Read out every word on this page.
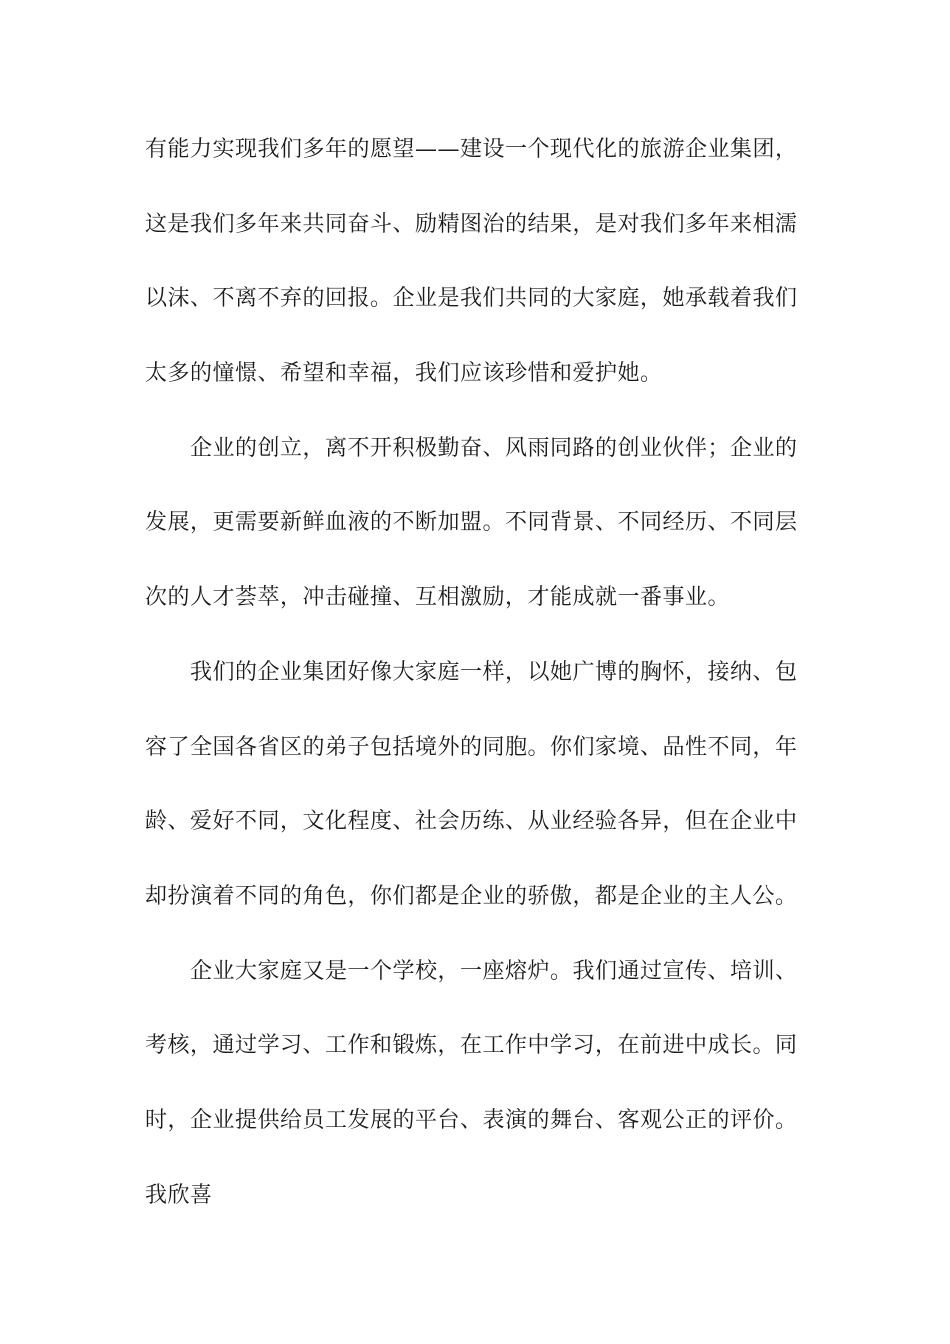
有能力实现我们多年的愿望——建设一个现代化的旅游企业集团，
这是我们多年来共同奋斗、励精图治的结果，是对我们多年来相濡
以沫、不离不弃的回报。企业是我们共同的大家庭，她承载着我们
太多的憧憬、希望和幸福，我们应该珍惜和爱护她。
企业的创立，离不开积极勤奋、风雨同路的创业伙伴；企业的
发展，更需要新鲜血液的不断加盟。不同背景、不同经历、不同层
次的人才荟萃，冲击碰撞、互相激励，才能成就一番事业。
我们的企业集团好像大家庭一样，以她广博的胸怀，接纳、包
容了全国各省区的弟子包括境外的同胞。你们家境、品性不同，年
龄、爱好不同，文化程度、社会历练、从业经验各异，但在企业中
却扮演着不同的角色，你们都是企业的骄傲，都是企业的主人公。
企业大家庭又是一个学校，一座熔炉。我们通过宣传、培训、
考核，通过学习、工作和锻炼，在工作中学习，在前进中成长。同
时，企业提供给员工发展的平台、表演的舞台、客观公正的评价。
我欣喜
